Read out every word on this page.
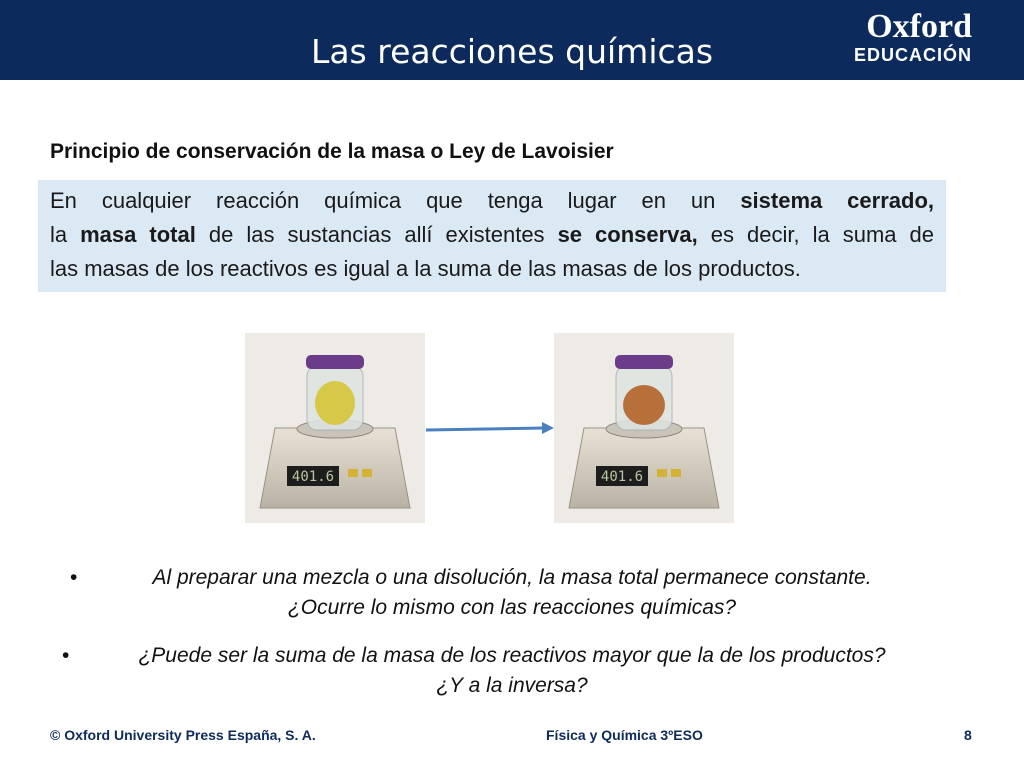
Las reacciones químicas
Oxford
EDUCACIÓN
Principio de conservación de la masa o Ley de Lavoisier
En cualquier reacción química que tenga lugar en un sistema cerrado,
la masa total de las sustancias allí existentes se conserva, es decir, la suma de
las masas de los reactivos es igual a la suma de las masas de los productos.
401.6	401.6
•	Al preparar una mezcla o una disolución, la masa total permanece constante.
¿Ocurre lo mismo con las reacciones químicas?
•	¿Puede ser la suma de la masa de los reactivos mayor que la de los productos?
¿Y a la inversa?
© Oxford University Press España, S. A.	Física y Química 3ºESO	8
